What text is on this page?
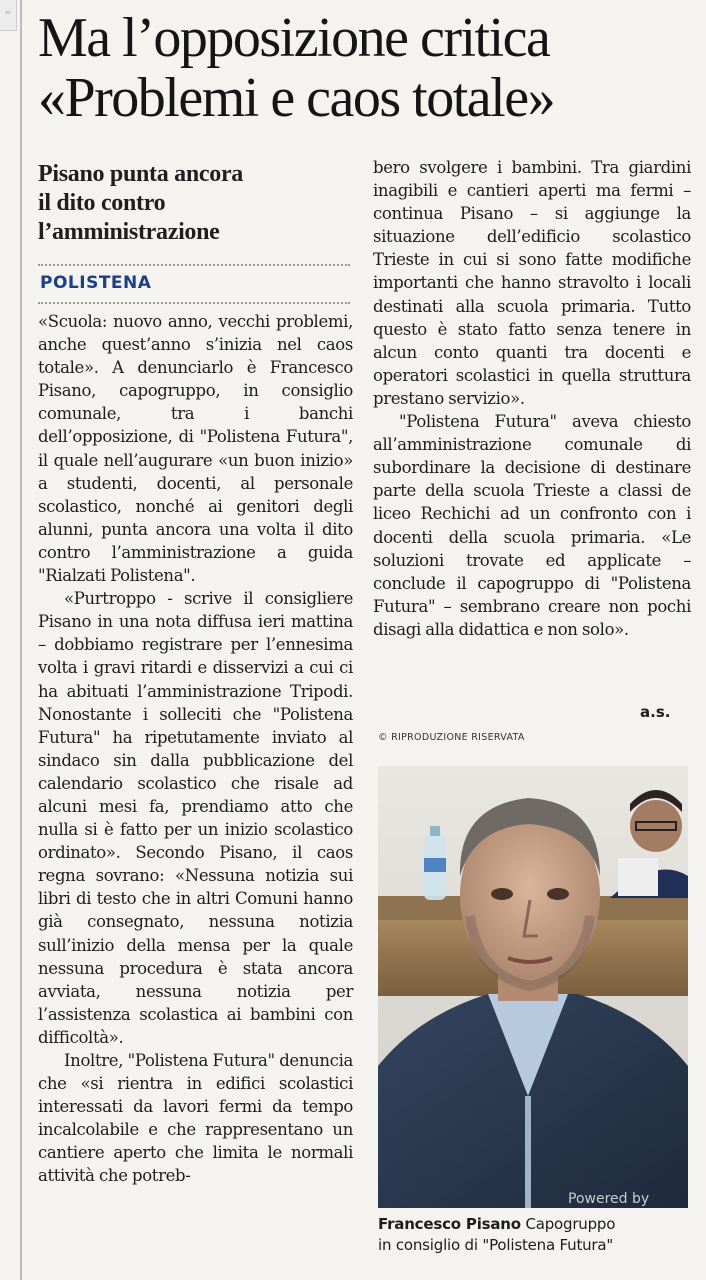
ᵒⁱ Ma l’opposizione critica
«Problemi e caos totale»
Pisano punta ancora
il dito contro
l’amministrazione
POLISTENA

«Scuola: nuovo anno, vecchi problemi, anche quest’anno s’inizia nel caos totale». A denunciarlo è Francesco Pisano, capogruppo, in consiglio comunale, tra i banchi dell’opposizione, di "Polistena Futura", il quale nell’augurare «un buon inizio» a studenti, docenti, al personale scolastico, nonché ai genitori degli alunni, punta ancora una volta il dito contro l’amministrazione a guida "Rialzati Polistena".

«Purtroppo - scrive il consigliere Pisano in una nota diffusa ieri mattina – dobbiamo registrare per l’ennesima volta i gravi ritardi e disservizi a cui ci ha abituati l’amministrazione Tripodi. Nonostante i solleciti che "Polistena Futura" ha ripetutamente inviato al sindaco sin dalla pubblicazione del calendario scolastico che risale ad alcuni mesi fa, prendiamo atto che nulla si è fatto per un inizio scolastico ordinato». Secondo Pisano, il caos regna sovrano: «Nessuna notizia sui libri di testo che in altri Comuni hanno già consegnato, nessuna notizia sull’inizio della mensa per la quale nessuna procedura è stata ancora avviata, nessuna notizia per l’assistenza scolastica ai bambini con difficoltà».

Inoltre, "Polistena Futura" denuncia che «si rientra in edifici scolastici interessati da lavori fermi da tempo incalcolabile e che rappresentano un cantiere aperto che limita le normali attività che potreb-

bero svolgere i bambini. Tra giardini inagibili e cantieri aperti ma fermi – continua Pisano – si aggiunge la situazione dell’edificio scolastico Trieste in cui si sono fatte modifiche importanti che hanno stravolto i locali destinati alla scuola primaria. Tutto questo è stato fatto senza tenere in alcun conto quanti tra docenti e operatori scolastici in quella struttura prestano servizio».

"Polistena Futura" aveva chiesto all’amministrazione comunale di subordinare la decisione di destinare parte della scuola Trieste a classi de liceo Rechichi ad un confronto con i docenti della scuola primaria. «Le soluzioni trovate ed applicate – conclude il capogruppo di "Polistena Futura" – sembrano creare non pochi disagi alla didattica e non solo».

a.s.
© RIPRODUZIONE RISERVATA
Powered by
Francesco Pisano Capogruppo
in consiglio di "Polistena Futura"
